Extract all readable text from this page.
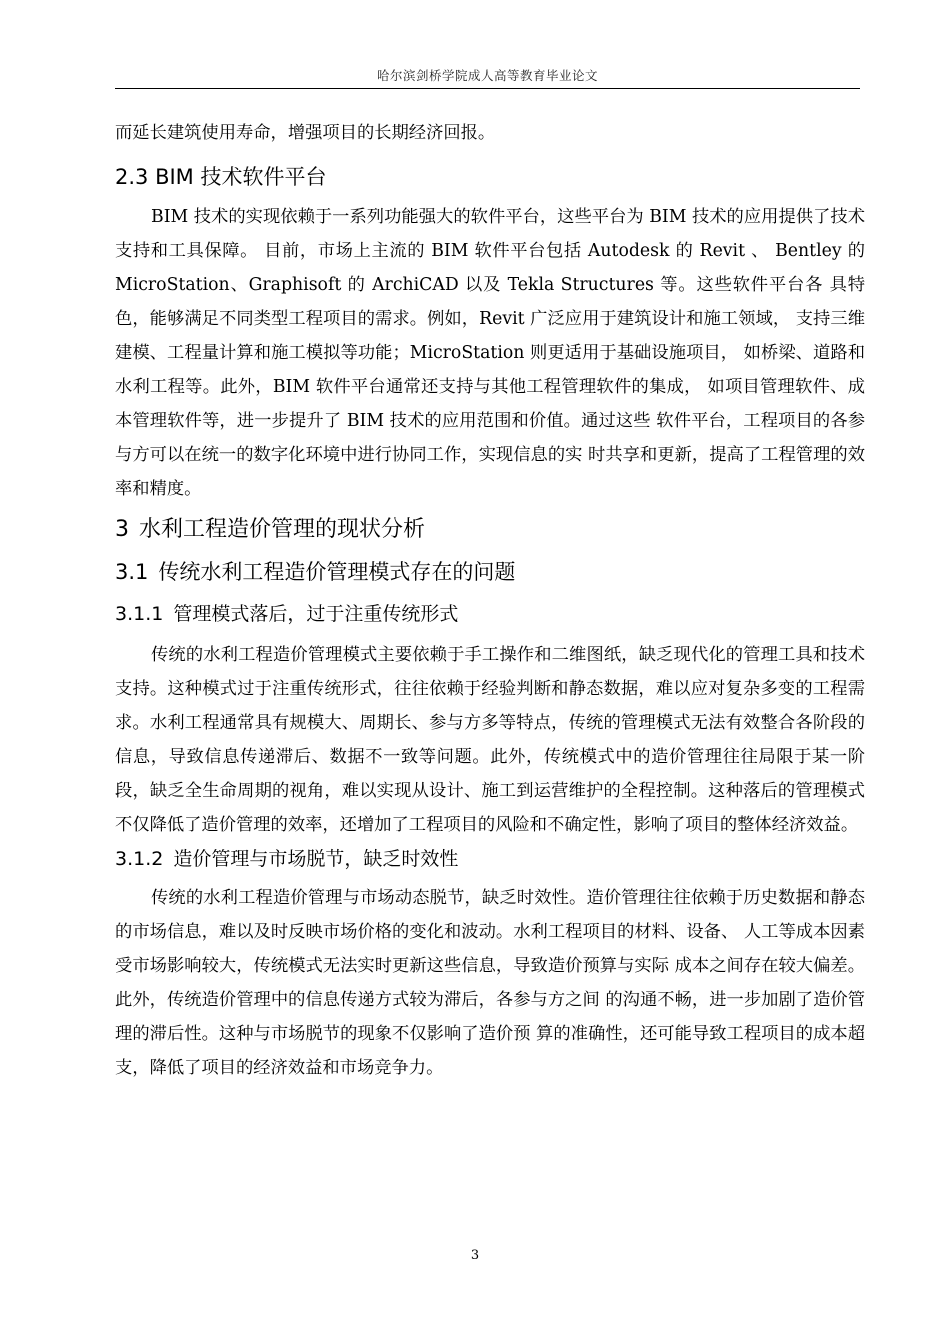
哈尔滨剑桥学院成人高等教育毕业论文

而延长建筑使用寿命，增强项目的长期经济回报。

2.3 BIM 技术软件平台

BIM 技术的实现依赖于一系列功能强大的软件平台，这些平台为 BIM 技术的应用提供了技术支持和工具保障。 目前，市场上主流的 BIM 软件平台包括 Autodesk 的 Revit 、 Bentley 的 MicroStation、Graphisoft 的 ArchiCAD 以及 Tekla Structures 等。这些软件平台各 具特色，能够满足不同类型工程项目的需求。例如，Revit 广泛应用于建筑设计和施工领域， 支持三维建模、工程量计算和施工模拟等功能；MicroStation 则更适用于基础设施项目， 如桥梁、道路和水利工程等。此外，BIM 软件平台通常还支持与其他工程管理软件的集成， 如项目管理软件、成本管理软件等，进一步提升了 BIM 技术的应用范围和价值。通过这些 软件平台，工程项目的各参与方可以在统一的数字化环境中进行协同工作，实现信息的实 时共享和更新，提高了工程管理的效率和精度。

3 水利工程造价管理的现状分析
3.1 传统水利工程造价管理模式存在的问题
3.1.1 管理模式落后，过于注重传统形式

传统的水利工程造价管理模式主要依赖于手工操作和二维图纸，缺乏现代化的管理工具和技术支持。这种模式过于注重传统形式，往往依赖于经验判断和静态数据，难以应对复杂多变的工程需求。水利工程通常具有规模大、周期长、参与方多等特点，传统的管理模式无法有效整合各阶段的信息，导致信息传递滞后、数据不一致等问题。此外，传统模式中的造价管理往往局限于某一阶段，缺乏全生命周期的视角，难以实现从设计、施工到运营维护的全程控制。这种落后的管理模式不仅降低了造价管理的效率，还增加了工程项目的风险和不确定性，影响了项目的整体经济效益。

3.1.2 造价管理与市场脱节，缺乏时效性

传统的水利工程造价管理与市场动态脱节，缺乏时效性。造价管理往往依赖于历史数据和静态的市场信息，难以及时反映市场价格的变化和波动。水利工程项目的材料、设备、 人工等成本因素受市场影响较大，传统模式无法实时更新这些信息，导致造价预算与实际 成本之间存在较大偏差。此外，传统造价管理中的信息传递方式较为滞后，各参与方之间 的沟通不畅，进一步加剧了造价管理的滞后性。这种与市场脱节的现象不仅影响了造价预 算的准确性，还可能导致工程项目的成本超支，降低了项目的经济效益和市场竞争力。

3
